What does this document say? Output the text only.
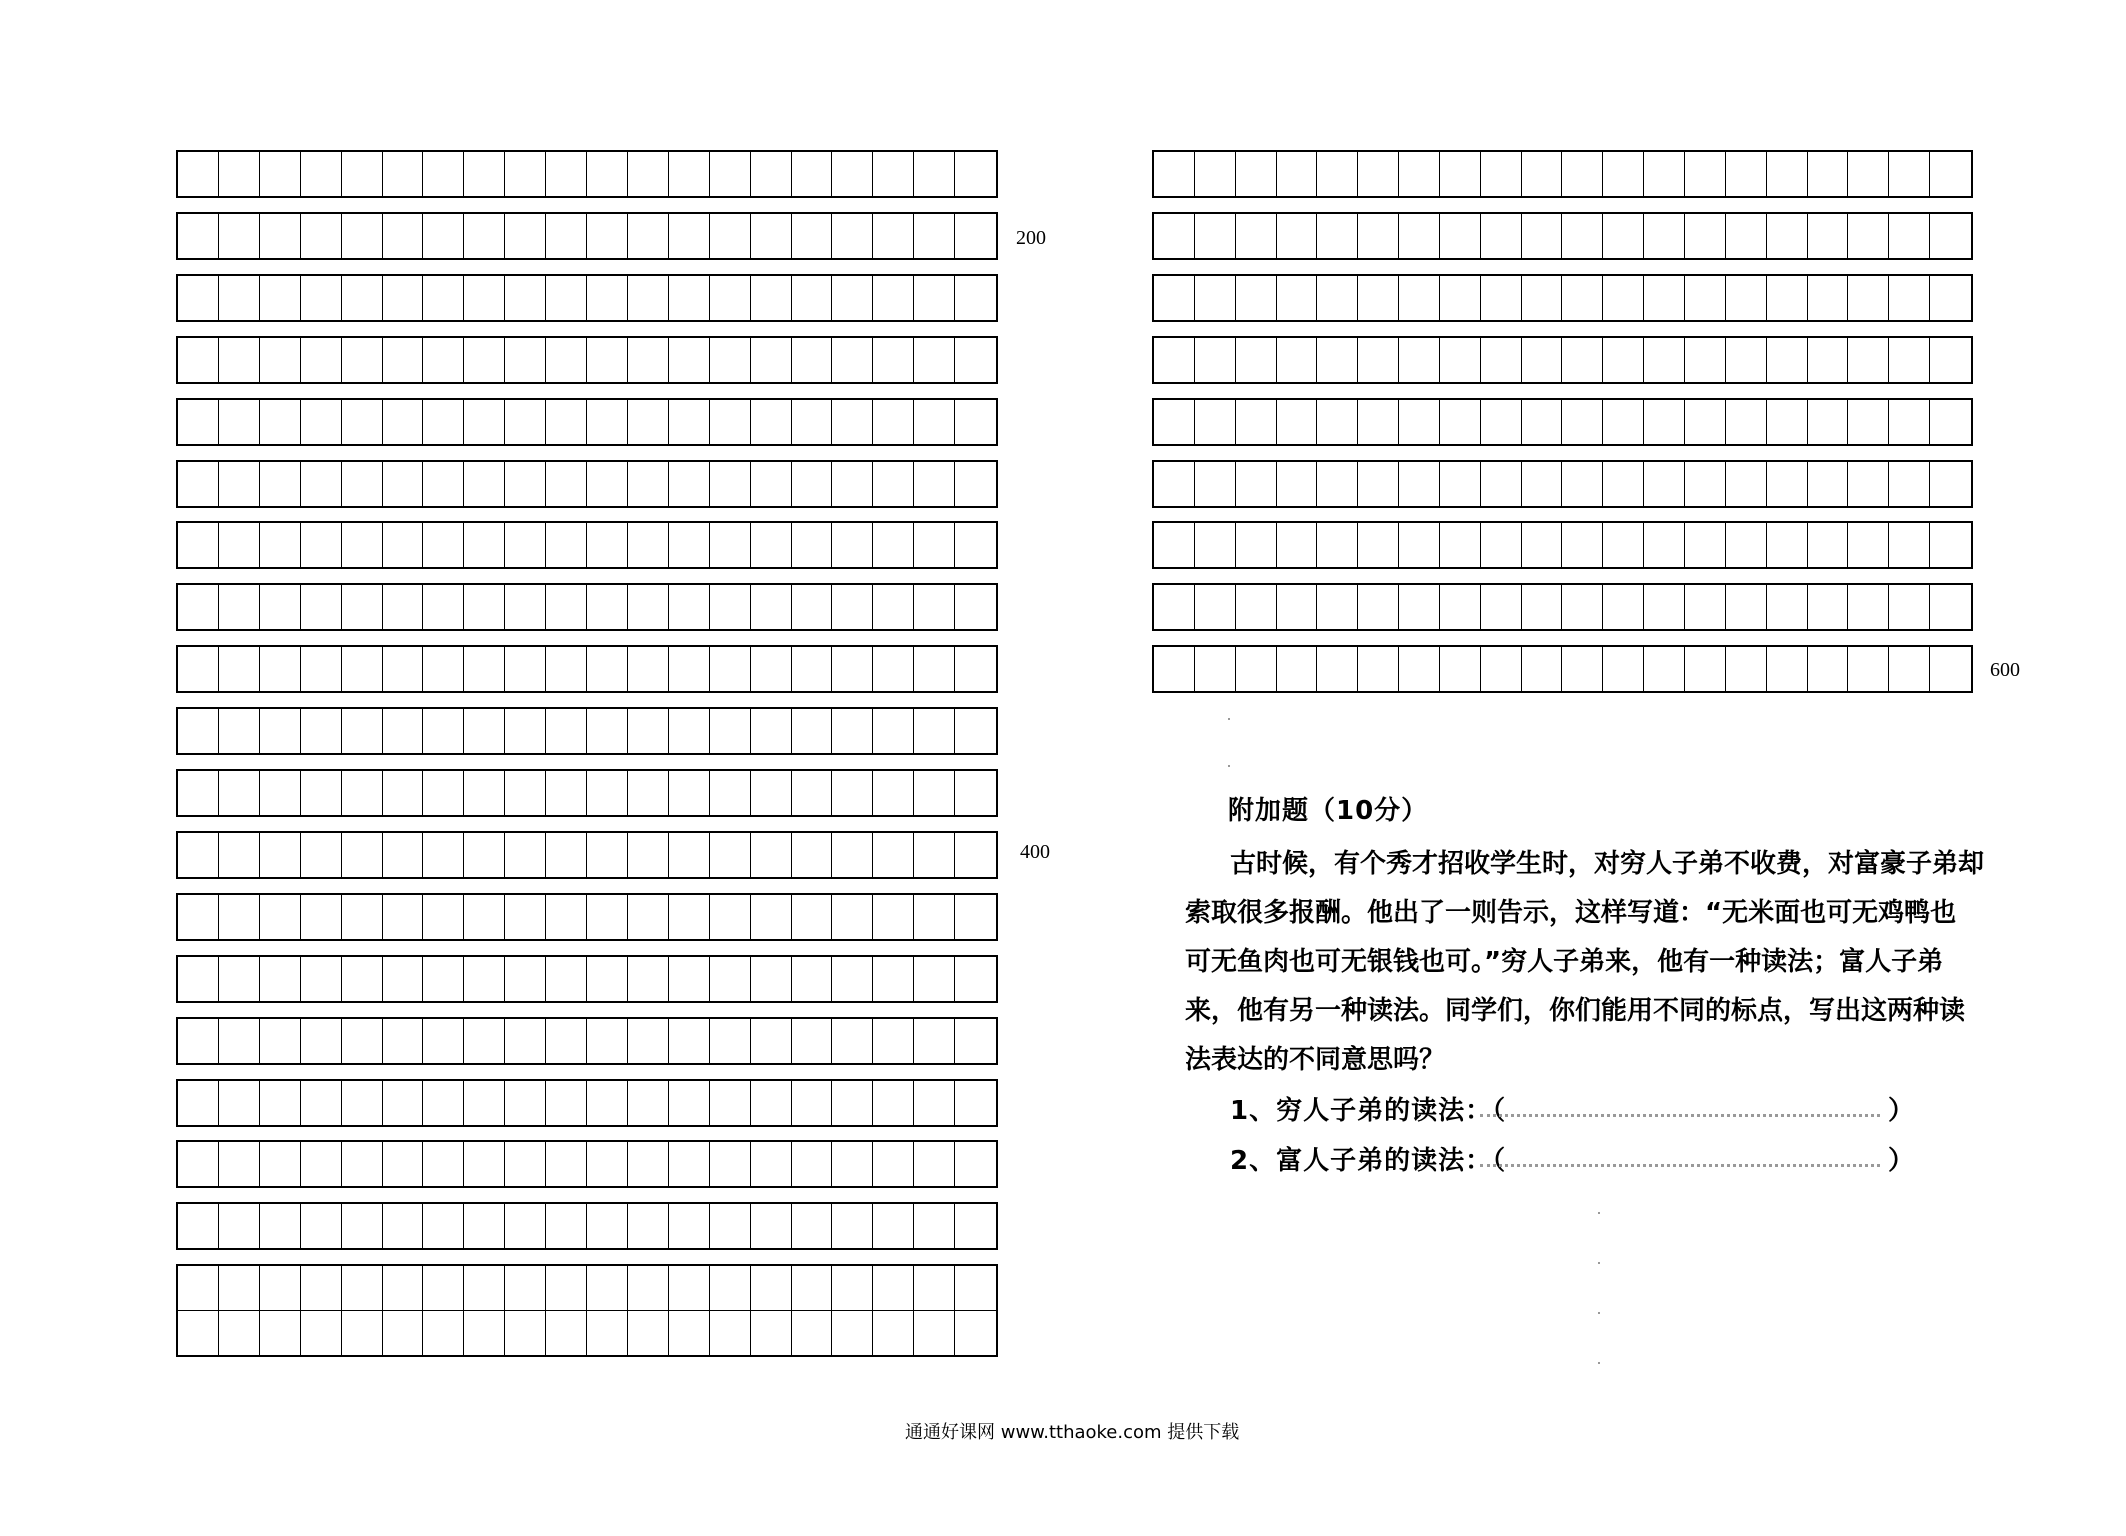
200
400
600
附加题（10分）
古时候，有个秀才招收学生时，对穷人子弟不收费，对富豪子弟却
索取很多报酬。他出了一则告示，这样写道：“无米面也可无鸡鸭也
可无鱼肉也可无银钱也可。”穷人子弟来，他有一种读法；富人子弟
来，他有另一种读法。同学们，你们能用不同的标点，写出这两种读
法表达的不同意思吗？
1、穷人子弟的读法：（	）
2、富人子弟的读法：（	）
通通好课网 www.tthaoke.com 提供下载
